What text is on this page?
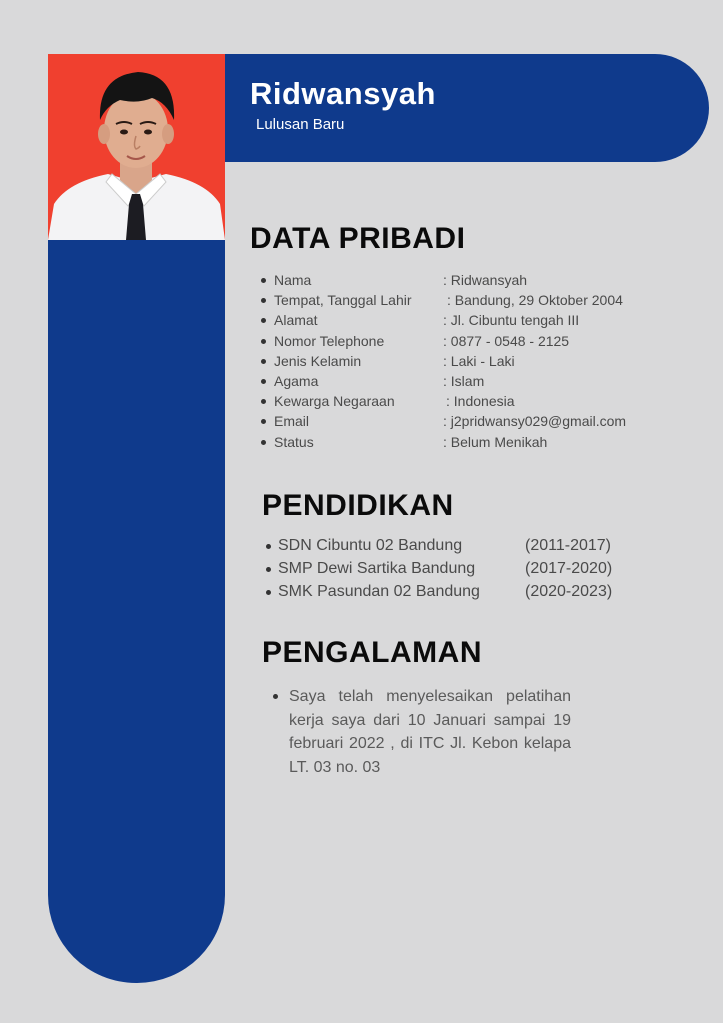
Ridwansyah
Lulusan Baru
DATA PRIBADI
Nama	: Ridwansyah
Tempat, Tanggal Lahir	: Bandung, 29 Oktober 2004
Alamat	: Jl. Cibuntu tengah III
Nomor Telephone	: 0877 - 0548 - 2125
Jenis Kelamin	: Laki - Laki
Agama	: Islam
Kewarga Negaraan	: Indonesia
Email	: j2pridwansy029@gmail.com
Status	: Belum Menikah
PENDIDIKAN
SDN Cibuntu 02 Bandung	(2011-2017)
SMP Dewi Sartika Bandung	(2017-2020)
SMK Pasundan 02 Bandung	(2020-2023)
PENGALAMAN
Saya telah menyelesaikan pelatihan kerja saya dari 10 Januari sampai 19 februari 2022 , di ITC Jl. Kebon kelapa LT. 03 no. 03
